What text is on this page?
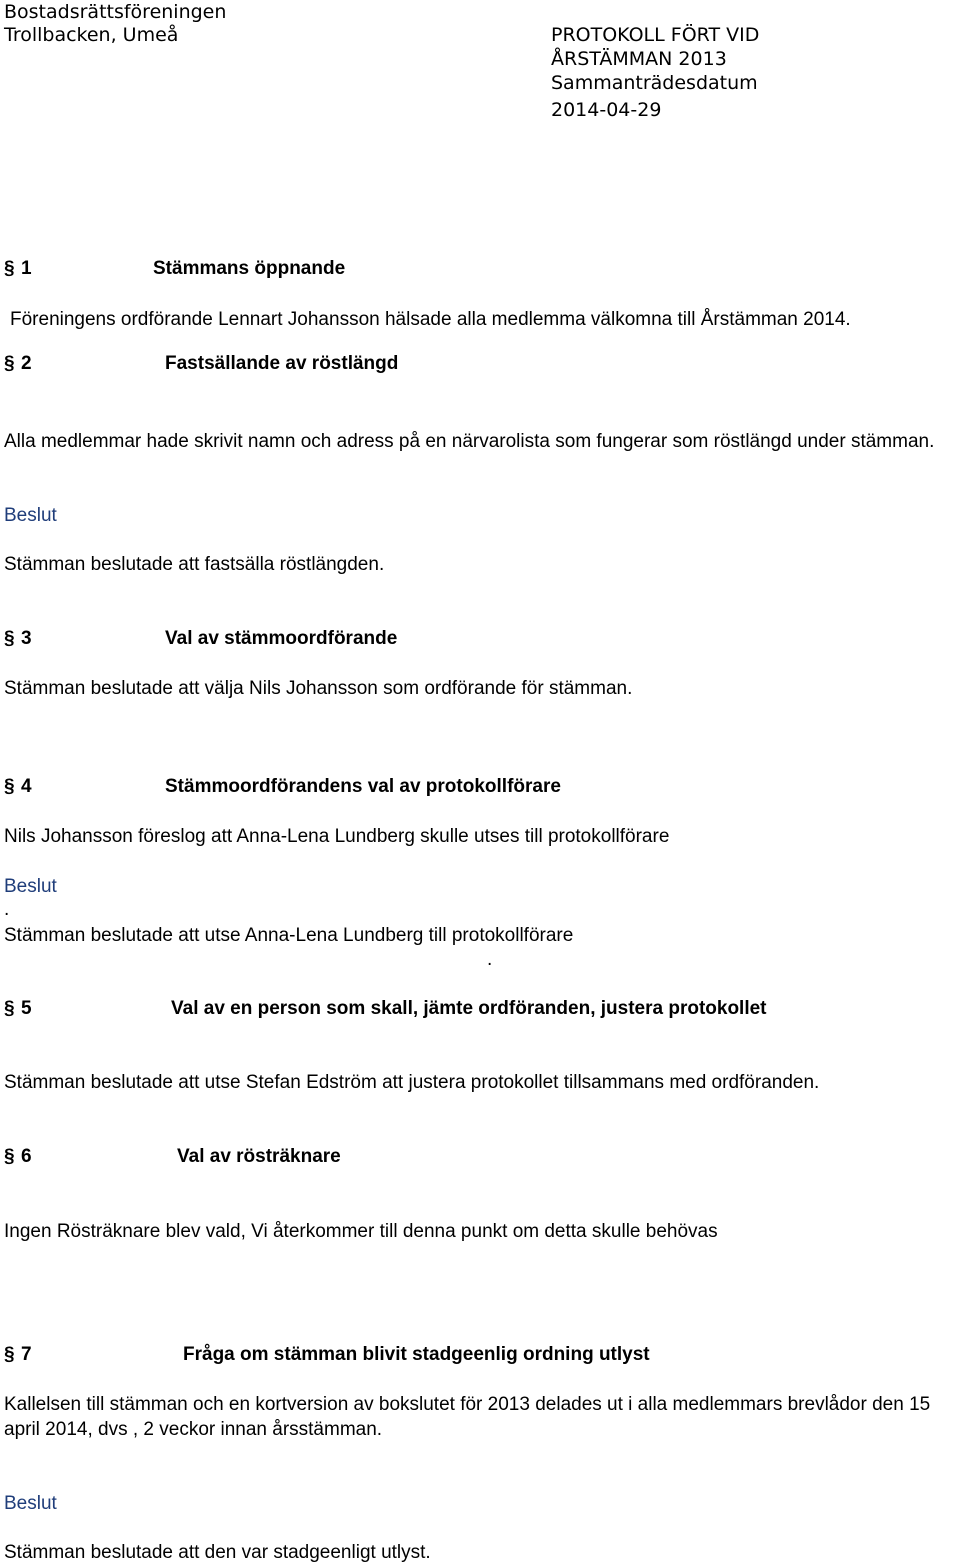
Bostadsrättsföreningen
Trollbacken, Umeå	PROTOKOLL FÖRT VID
ÅRSTÄMMAN 2013
Sammanträdesdatum
2014-04-29
§ 1	Stämmans öppnande
Föreningens ordförande Lennart Johansson hälsade alla medlemma välkomna till Årstämman 2014.
§ 2	Fastsällande av röstlängd
Alla medlemmar hade skrivit namn och adress på en närvarolista som fungerar som röstlängd under stämman.
Beslut
Stämman beslutade att fastsälla röstlängden.
§ 3	Val av stämmoordförande
Stämman beslutade att välja Nils Johansson som ordförande för stämman.
§ 4	Stämmoordförandens val av protokollförare
Nils Johansson föreslog att Anna-Lena Lundberg skulle utses till protokollförare
Beslut
.
Stämman beslutade att utse Anna-Lena Lundberg till protokollförare
.
§ 5	Val av en person som skall, jämte ordföranden, justera protokollet
Stämman beslutade att utse Stefan Edström att justera protokollet tillsammans med ordföranden.
§ 6	Val av rösträknare
Ingen Rösträknare blev vald, Vi återkommer till denna punkt om detta skulle behövas
§ 7	Fråga om stämman blivit stadgeenlig ordning utlyst
Kallelsen till stämman och en kortversion av bokslutet för 2013 delades ut i alla medlemmars brevlådor den 15 april 2014, dvs , 2 veckor innan årsstämman.
Beslut
Stämman beslutade att den var stadgeenligt utlyst.
